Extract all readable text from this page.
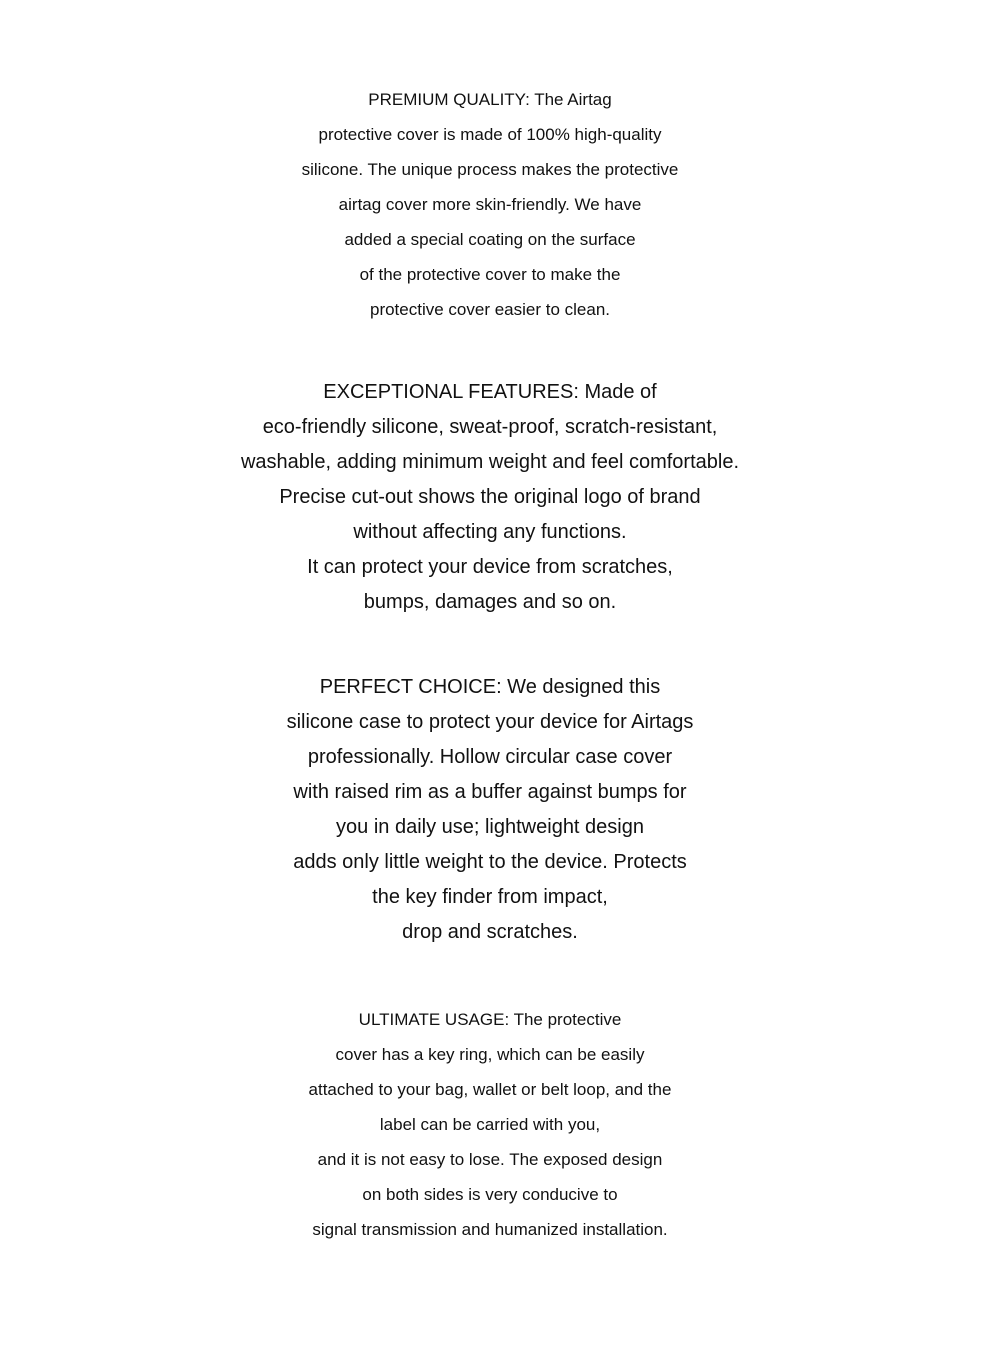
PREMIUM QUALITY: The Airtag
protective cover is made of 100% high-quality
silicone. The unique process makes the protective
airtag cover more skin-friendly. We have
added a special coating on the surface
of the protective cover to make the
protective cover easier to clean.
EXCEPTIONAL FEATURES: Made of
eco-friendly silicone, sweat-proof, scratch-resistant,
washable, adding minimum weight and feel comfortable.
Precise cut-out shows the original logo of brand
without affecting any functions.
It can protect your device from scratches,
bumps, damages and so on.
PERFECT CHOICE: We designed this
silicone case to protect your device for Airtags
professionally. Hollow circular case cover
with raised rim as a buffer against bumps for
you in daily use; lightweight design
adds only little weight to the device. Protects
the key finder from impact,
drop and scratches.
ULTIMATE USAGE: The protective
cover has a key ring, which can be easily
attached to your bag, wallet or belt loop, and the
label can be carried with you,
and it is not easy to lose. The exposed design
on both sides is very conducive to
signal transmission and humanized installation.
